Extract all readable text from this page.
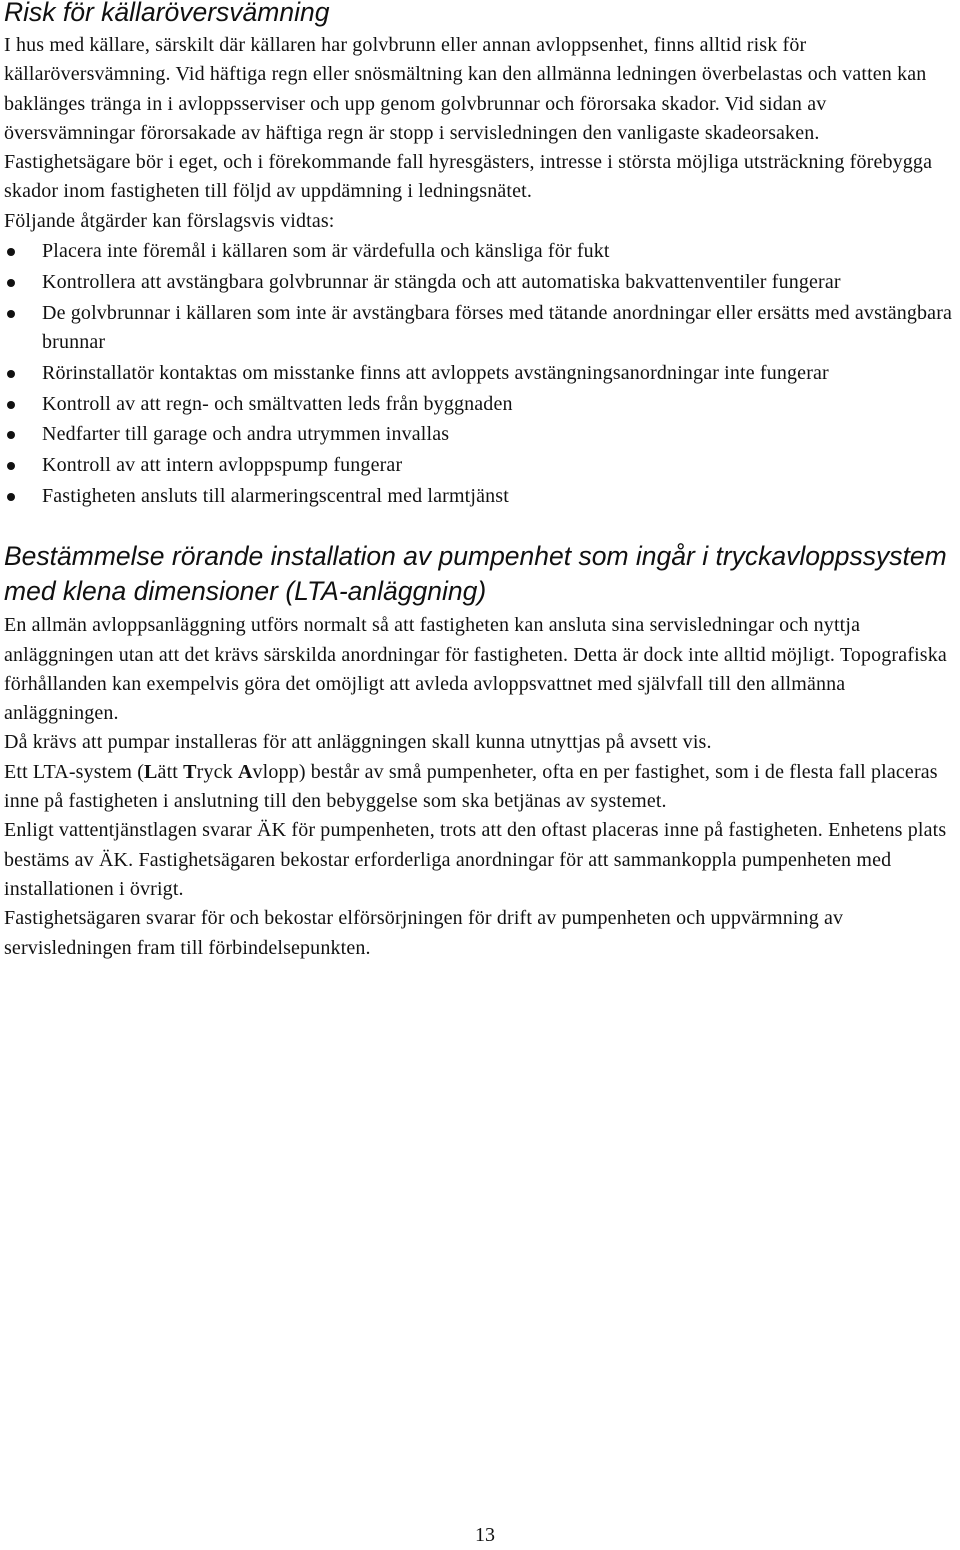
Risk för källaröversvämning

I hus med källare, särskilt där källaren har golvbrunn eller annan avloppsenhet, finns alltid risk för källaröversvämning. Vid häftiga regn eller snösmältning kan den allmänna ledningen överbelastas och vatten kan baklänges tränga in i avloppsserviser och upp genom golvbrunnar och förorsaka skador. Vid sidan av översvämningar förorsakade av häftiga regn är stopp i servisledningen den vanligaste skadeorsaken.

Fastighetsägare bör i eget, och i förekommande fall hyresgästers, intresse i största möjliga utsträckning förebygga skador inom fastigheten till följd av uppdämning i ledningsnätet.

Följande åtgärder kan förslagsvis vidtas:

Placera inte föremål i källaren som är värdefulla och känsliga för fukt
Kontrollera att avstängbara golvbrunnar är stängda och att automatiska bakvattenventiler fungerar
De golvbrunnar i källaren som inte är avstängbara förses med tätande anordningar eller ersätts med avstängbara brunnar
Rörinstallatör kontaktas om misstanke finns att avloppets avstängningsanordningar inte fungerar
Kontroll av att regn- och smältvatten leds från byggnaden
Nedfarter till garage och andra utrymmen invallas
Kontroll av att intern avloppspump fungerar
Fastigheten ansluts till alarmeringscentral med larmtjänst
Bestämmelse rörande installation av pumpenhet som ingår i tryckavloppssystem med klena dimensioner (LTA-anläggning)

En allmän avloppsanläggning utförs normalt så att fastigheten kan ansluta sina servisledningar och nyttja anläggningen utan att det krävs särskilda anordningar för fastigheten. Detta är dock inte alltid möjligt. Topografiska förhållanden kan exempelvis göra det omöjligt att avleda avloppsvattnet med självfall till den allmänna anläggningen.

Då krävs att pumpar installeras för att anläggningen skall kunna utnyttjas på avsett vis.

Ett LTA-system (Lätt Tryck Avlopp) består av små pumpenheter, ofta en per fastighet, som i de flesta fall placeras inne på fastigheten i anslutning till den bebyggelse som ska betjänas av systemet.

Enligt vattentjänstlagen svarar ÄK för pumpenheten, trots att den oftast placeras inne på fastigheten. Enhetens plats bestäms av ÄK. Fastighetsägaren bekostar erforderliga anordningar för att sammankoppla pumpenheten med installationen i övrigt.

Fastighetsägaren svarar för och bekostar elförsörjningen för drift av pumpenheten och uppvärmning av servisledningen fram till förbindelsepunkten.

13
